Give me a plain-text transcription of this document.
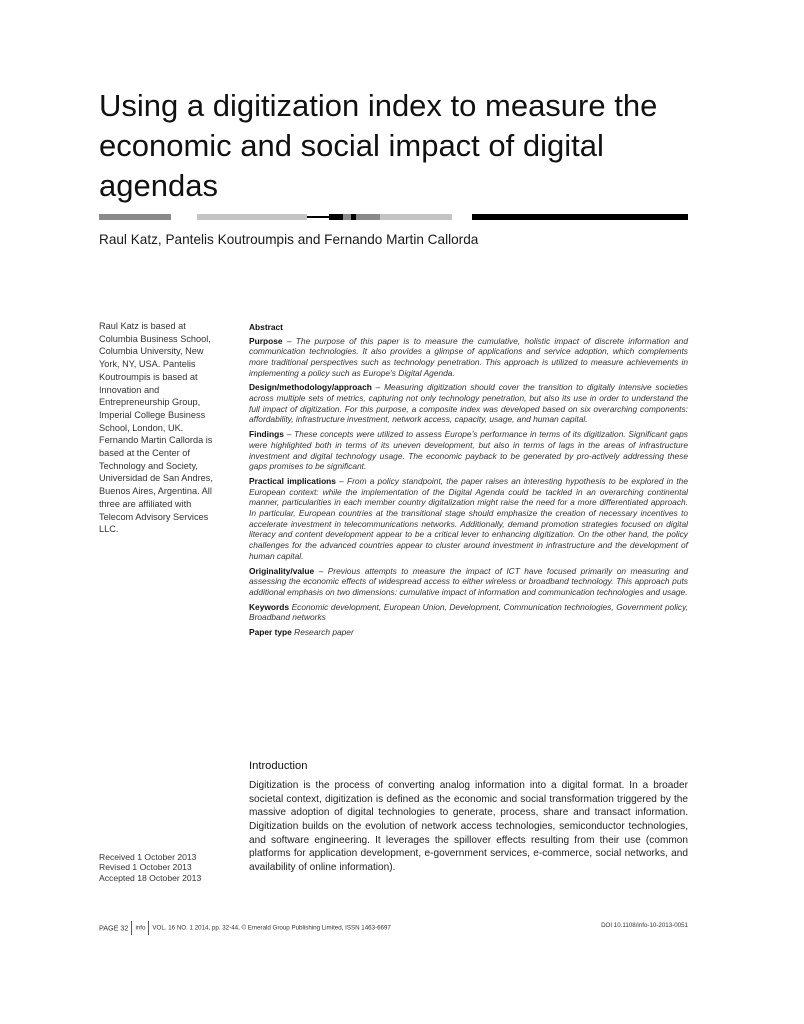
Using a digitization index to measure the economic and social impact of digital agendas
Raul Katz, Pantelis Koutroumpis and Fernando Martin Callorda

Raul Katz is based at Columbia Business School, Columbia University, New York, NY, USA. Pantelis Koutroumpis is based at Innovation and Entrepreneurship Group, Imperial College Business School, London, UK. Fernando Martin Callorda is based at the Center of Technology and Society, Universidad de San Andres, Buenos Aires, Argentina. All three are affiliated with Telecom Advisory Services LLC.

Received 1 October 2013
Revised 1 October 2013
Accepted 18 October 2013
Abstract
Purpose – The purpose of this paper is to measure the cumulative, holistic impact of discrete information and communication technologies. It also provides a glimpse of applications and service adoption, which complements more traditional perspectives such as technology penetration. This approach is utilized to measure achievements in implementing a policy such as Europe’s Digital Agenda.
Design/methodology/approach – Measuring digitization should cover the transition to digitally intensive societies across multiple sets of metrics, capturing not only technology penetration, but also its use in order to understand the full impact of digitization. For this purpose, a composite index was developed based on six overarching components: affordability, infrastructure investment, network access, capacity, usage, and human capital.
Findings – These concepts were utilized to assess Europe’s performance in terms of its digitization. Significant gaps were highlighted both in terms of its uneven development, but also in terms of lags in the areas of infrastructure investment and digital technology usage. The economic payback to be generated by pro-actively addressing these gaps promises to be significant.
Practical implications – From a policy standpoint, the paper raises an interesting hypothesis to be explored in the European context: while the implementation of the Digital Agenda could be tackled in an overarching continental manner, particularities in each member country digitalization might raise the need for a more differentiated approach. In particular, European countries at the transitional stage should emphasize the creation of necessary incentives to accelerate investment in telecommunications networks. Additionally, demand promotion strategies focused on digital literacy and content development appear to be a critical lever to enhancing digitization. On the other hand, the policy challenges for the advanced countries appear to cluster around investment in infrastructure and the development of human capital.
Originality/value – Previous attempts to measure the impact of ICT have focused primarily on measuring and assessing the economic effects of widespread access to either wireless or broadband technology. This approach puts additional emphasis on two dimensions: cumulative impact of information and communication technologies and usage.
Keywords Economic development, European Union, Development, Communication technologies, Government policy, Broadband networks
Paper type Research paper
Introduction
Digitization is the process of converting analog information into a digital format. In a broader societal context, digitization is defined as the economic and social transformation triggered by the massive adoption of digital technologies to generate, process, share and transact information. Digitization builds on the evolution of network access technologies, semiconductor technologies, and software engineering. It leverages the spillover effects resulting from their use (common platforms for application development, e-government services, e-commerce, social networks, and availability of online information).
PAGE 32 info VOL. 16 NO. 1 2014, pp. 32-44, © Emerald Group Publishing Limited, ISSN 1463-6697	DOI 10.1108/info-10-2013-0051
